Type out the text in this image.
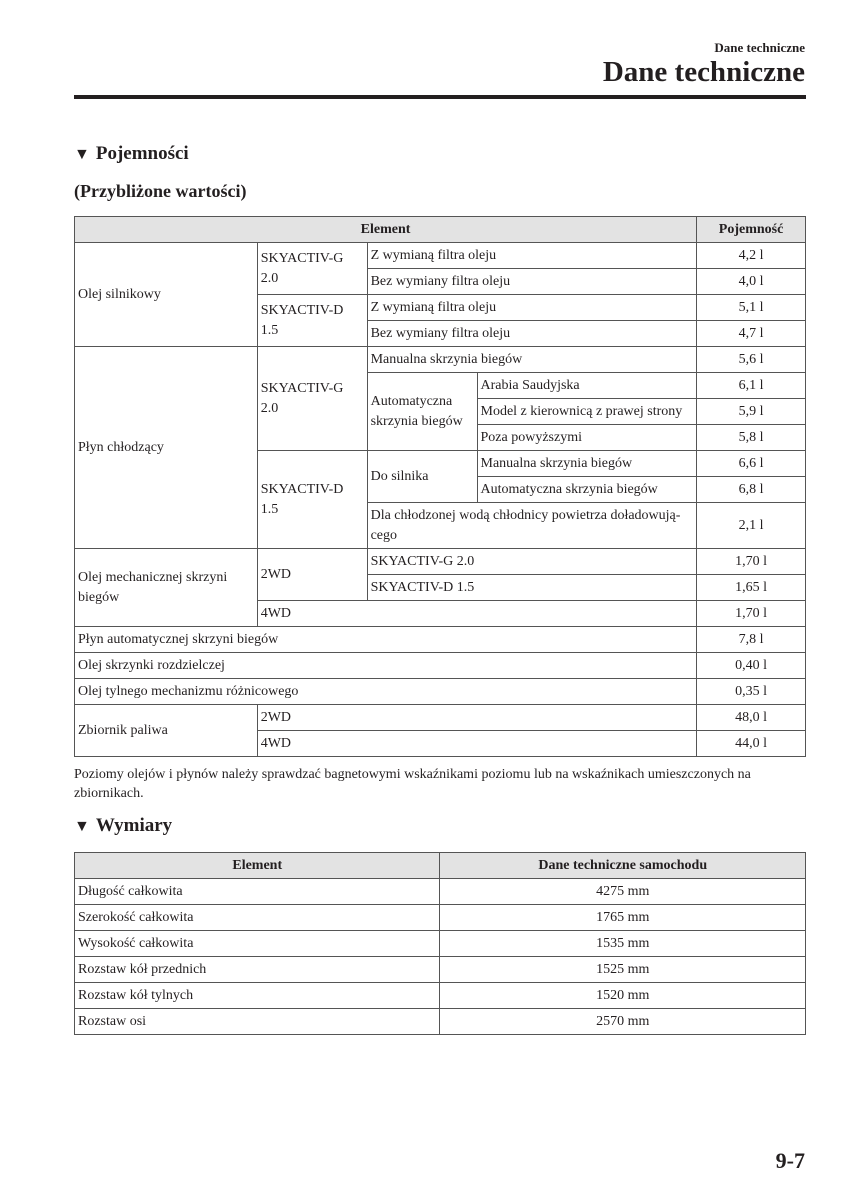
Dane techniczne
Dane techniczne
▼ Pojemności
(Przybliżone wartości)
Element				Pojemność
Olej silnikowy	SKYACTIV-G 2.0	Z wymianą filtra oleju		4,2 l
		Bez wymiany filtra oleju		4,0 l
	SKYACTIV-D 1.5	Z wymianą filtra oleju		5,1 l
		Bez wymiany filtra oleju		4,7 l
Płyn chłodzący	SKYACTIV-G 2.0	Manualna skrzynia biegów		5,6 l
		Automatyczna skrzynia biegów	Arabia Saudyjska	6,1 l
			Model z kierownicą z prawej strony	5,9 l
			Poza powyższymi	5,8 l
	SKYACTIV-D 1.5	Do silnika	Manualna skrzynia biegów	6,6 l
			Automatyczna skrzynia biegów	6,8 l
		Dla chłodzonej wodą chłodnicy powietrza doładowują-cego		2,1 l
Olej mechanicznej skrzyni biegów	2WD	SKYACTIV-G 2.0		1,70 l
		SKYACTIV-D 1.5		1,65 l
	4WD			1,70 l
Płyn automatycznej skrzyni biegów				7,8 l
Olej skrzynki rozdzielczej				0,40 l
Olej tylnego mechanizmu różnicowego				0,35 l
Zbiornik paliwa	2WD			48,0 l
	4WD			44,0 l

Poziomy olejów i płynów należy sprawdzać bagnetowymi wskaźnikami poziomu lub na wskaźnikach umieszczonych na zbiornikach.

▼ Wymiary
Element	Dane techniczne samochodu
Długość całkowita	4275 mm
Szerokość całkowita	1765 mm
Wysokość całkowita	1535 mm
Rozstaw kół przednich	1525 mm
Rozstaw kół tylnych	1520 mm
Rozstaw osi	2570 mm
9-7
